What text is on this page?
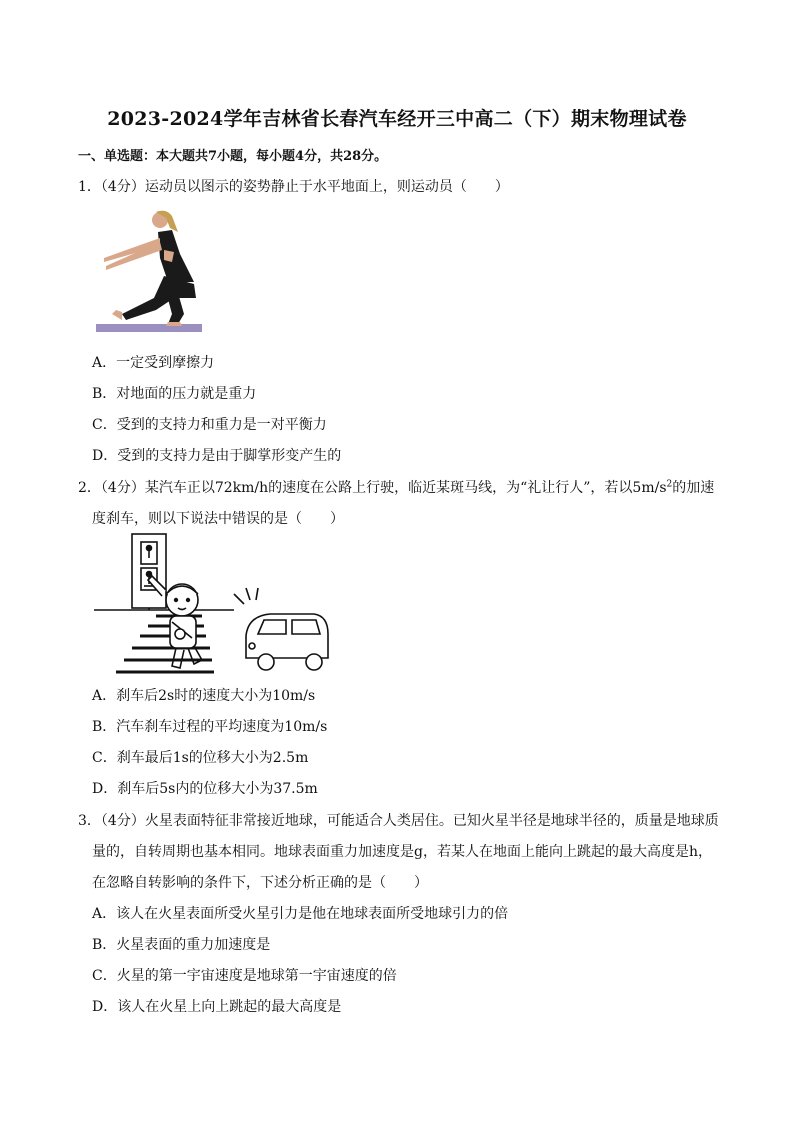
2023-2024学年吉林省长春汽车经开三中高二（下）期末物理试卷
一、单选题：本大题共7小题，每小题4分，共28分。
1．（4分）运动员以图示的姿势静止于水平地面上，则运动员（　　）
A．一定受到摩擦力
B．对地面的压力就是重力
C．受到的支持力和重力是一对平衡力
D．受到的支持力是由于脚掌形变产生的
2．（4分）某汽车正以72km/h的速度在公路上行驶，临近某斑马线，为“礼让行人”，若以$5m/s^2$的加速
度刹车，则以下说法中错误的是（　　）
A．刹车后2s时的速度大小为10m/s
B．汽车刹车过程的平均速度为10m/s
C．刹车最后1s的位移大小为2.5m
D．刹车后5s内的位移大小为37.5m
3．（4分）火星表面特征非常接近地球，可能适合人类居住。已知火星半径是地球半径的，质量是地球质
量的，自转周期也基本相同。地球表面重力加速度是g，若某人在地面上能向上跳起的最大高度是h，
在忽略自转影响的条件下，下述分析正确的是（　　）
A．该人在火星表面所受火星引力是他在地球表面所受地球引力的倍
B．火星表面的重力加速度是
C．火星的第一宇宙速度是地球第一宇宙速度的倍
D．该人在火星上向上跳起的最大高度是
